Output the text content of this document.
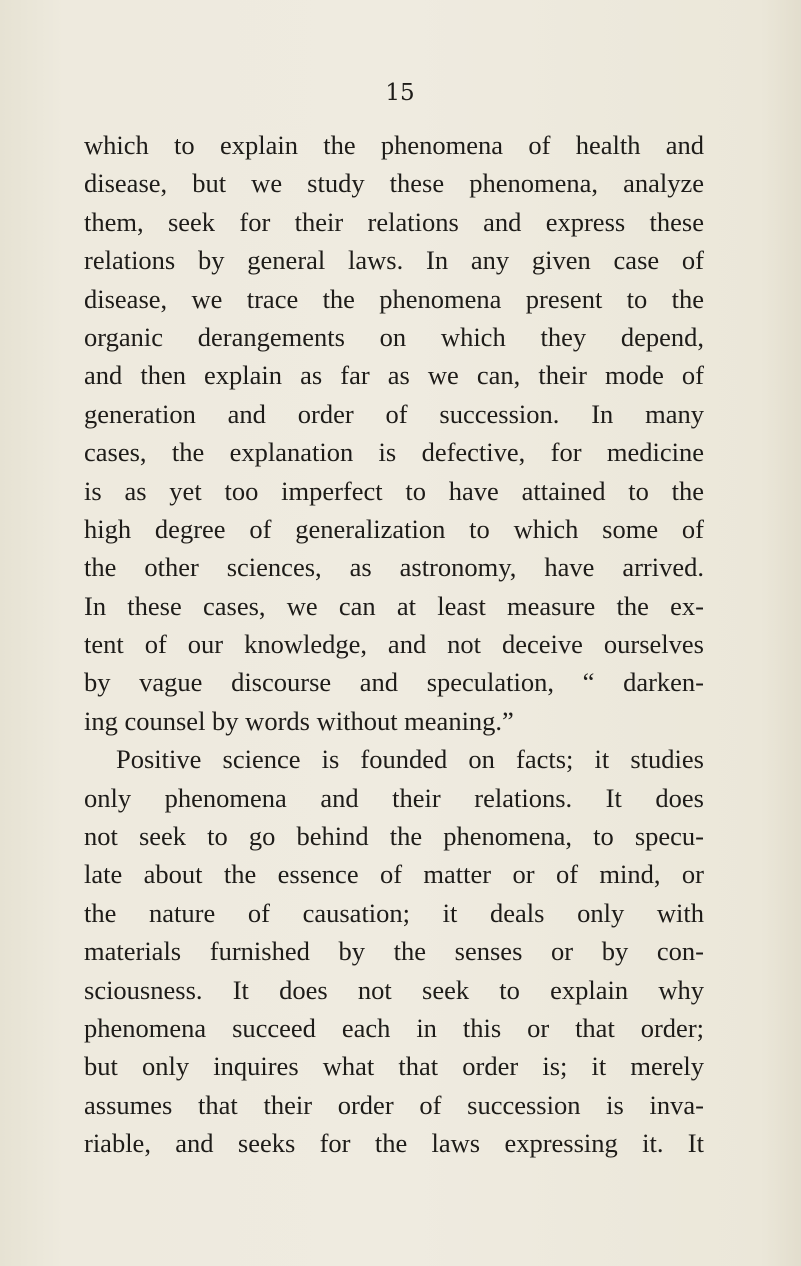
15
which to explain the phenomena of health and
disease, but we study these phenomena, analyze
them, seek for their relations and express these
relations by general laws. In any given case of
disease, we trace the phenomena present to the
organic derangements on which they depend,
and then explain as far as we can, their mode of
generation and order of succession. In many
cases, the explanation is defective, for medicine
is as yet too imperfect to have attained to the
high degree of generalization to which some of
the other sciences, as astronomy, have arrived.
In these cases, we can at least measure the ex-
tent of our knowledge, and not deceive ourselves
by vague discourse and speculation, “ darken-
ing counsel by words without meaning.”
Positive science is founded on facts; it studies
only phenomena and their relations. It does
not seek to go behind the phenomena, to specu-
late about the essence of matter or of mind, or
the nature of causation; it deals only with
materials furnished by the senses or by con-
sciousness. It does not seek to explain why
phenomena succeed each in this or that order;
but only inquires what that order is; it merely
assumes that their order of succession is inva-
riable, and seeks for the laws expressing it. It
